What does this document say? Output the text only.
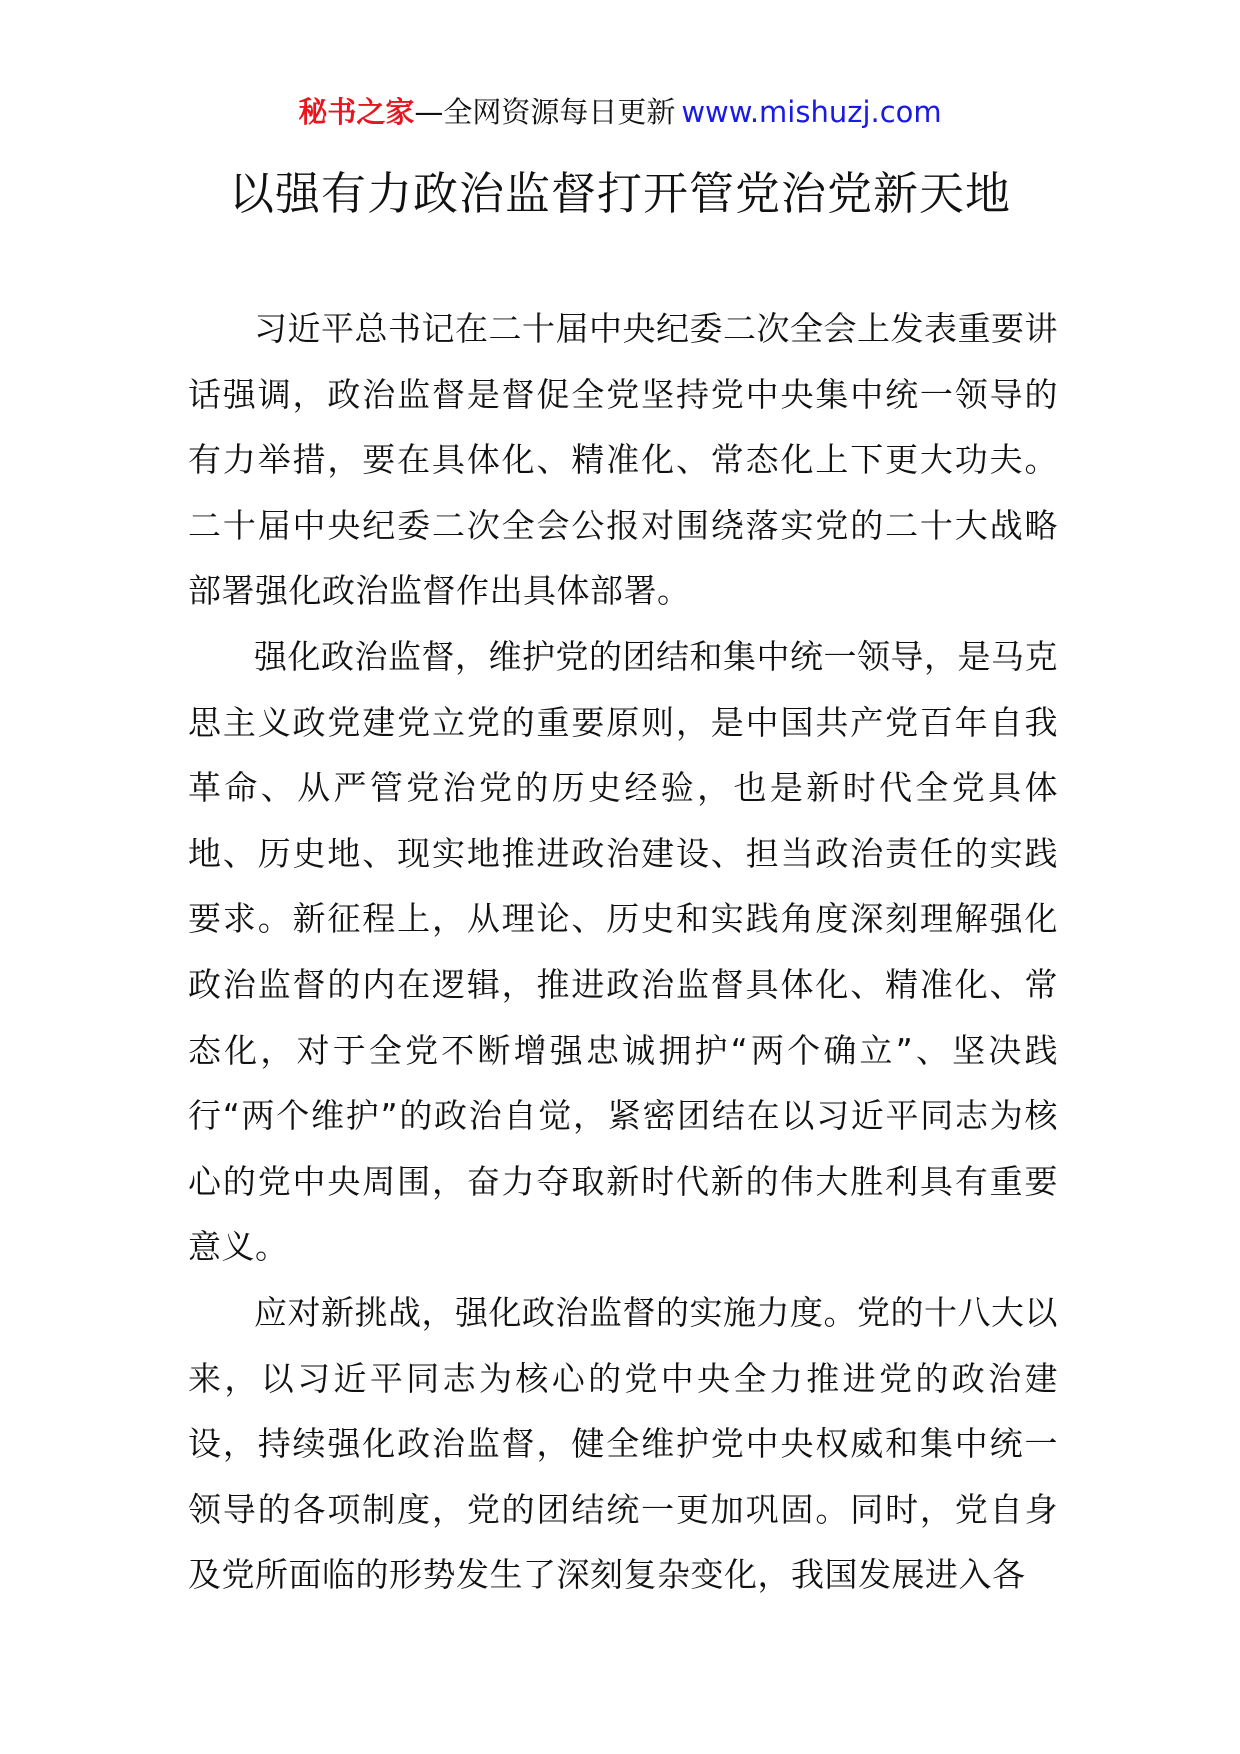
秘书之家—全网资源每日更新 www.mishuzj.com
以强有力政治监督打开管党治党新天地

习近平总书记在二十届中央纪委二次全会上发表重要讲话强调，政治监督是督促全党坚持党中央集中统一领导的有力举措，要在具体化、精准化、常态化上下更大功夫。二十届中央纪委二次全会公报对围绕落实党的二十大战略部署强化政治监督作出具体部署。

强化政治监督，维护党的团结和集中统一领导，是马克思主义政党建党立党的重要原则，是中国共产党百年自我革命、从严管党治党的历史经验，也是新时代全党具体地、历史地、现实地推进政治建设、担当政治责任的实践要求。新征程上，从理论、历史和实践角度深刻理解强化政治监督的内在逻辑，推进政治监督具体化、精准化、常态化，对于全党不断增强忠诚拥护“两个确立”、坚决践行“两个维护”的政治自觉，紧密团结在以习近平同志为核心的党中央周围，奋力夺取新时代新的伟大胜利具有重要意义。

应对新挑战，强化政治监督的实施力度。党的十八大以来，以习近平同志为核心的党中央全力推进党的政治建设，持续强化政治监督，健全维护党中央权威和集中统一领导的各项制度，党的团结统一更加巩固。同时，党自身及党所面临的形势发生了深刻复杂变化，我国发展进入各
